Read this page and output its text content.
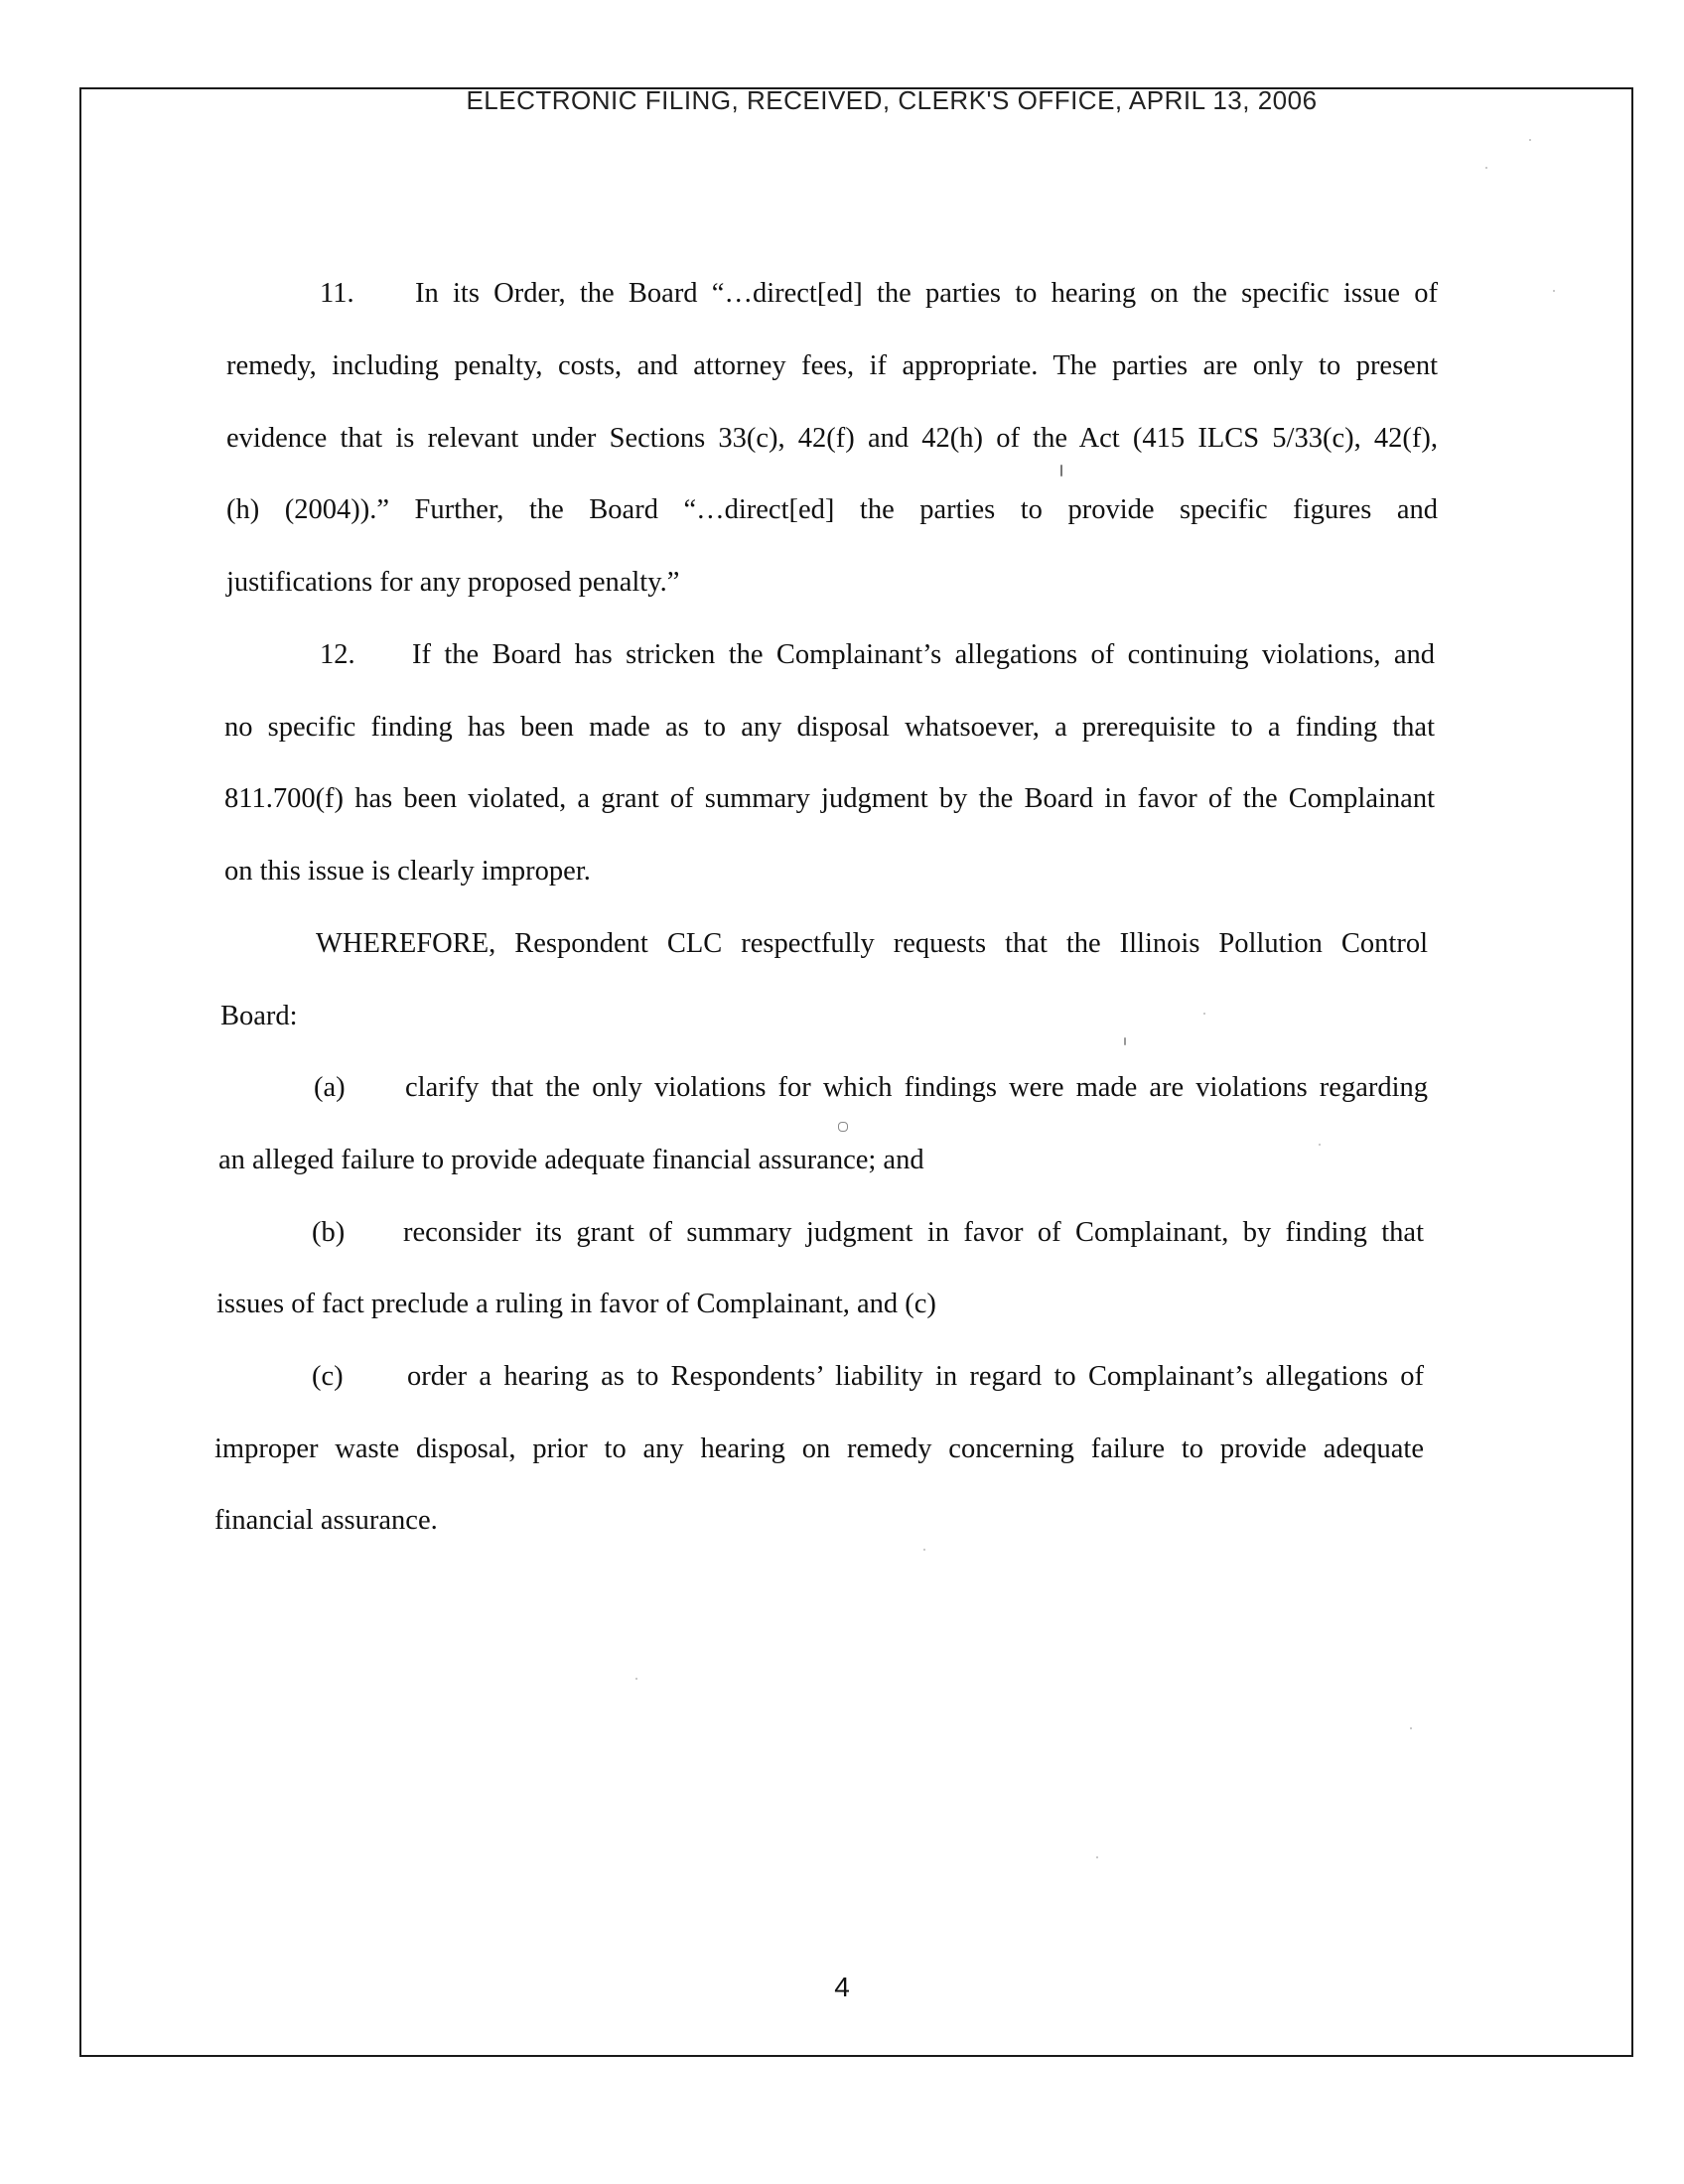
ELECTRONIC FILING, RECEIVED, CLERK'S OFFICE, APRIL 13, 2006
11. In its Order, the Board “…direct[ed] the parties to hearing on the specific issue of
remedy, including penalty, costs, and attorney fees, if appropriate. The parties are only to present
evidence that is relevant under Sections 33(c), 42(f) and 42(h) of the Act (415 ILCS 5/33(c), 42(f),
(h) (2004)).” Further, the Board “…direct[ed] the parties to provide specific figures and
justifications for any proposed penalty.”
12. If the Board has stricken the Complainant’s allegations of continuing violations, and
no specific finding has been made as to any disposal whatsoever, a prerequisite to a finding that
811.700(f) has been violated, a grant of summary judgment by the Board in favor of the Complainant
on this issue is clearly improper.
WHEREFORE, Respondent CLC respectfully requests that the Illinois Pollution Control
Board:
(a) clarify that the only violations for which findings were made are violations regarding
an alleged failure to provide adequate financial assurance; and
(b) reconsider its grant of summary judgment in favor of Complainant, by finding that
issues of fact preclude a ruling in favor of Complainant, and (c)
(c) order a hearing as to Respondents’ liability in regard to Complainant’s allegations of
improper waste disposal, prior to any hearing on remedy concerning failure to provide adequate
financial assurance.
4
